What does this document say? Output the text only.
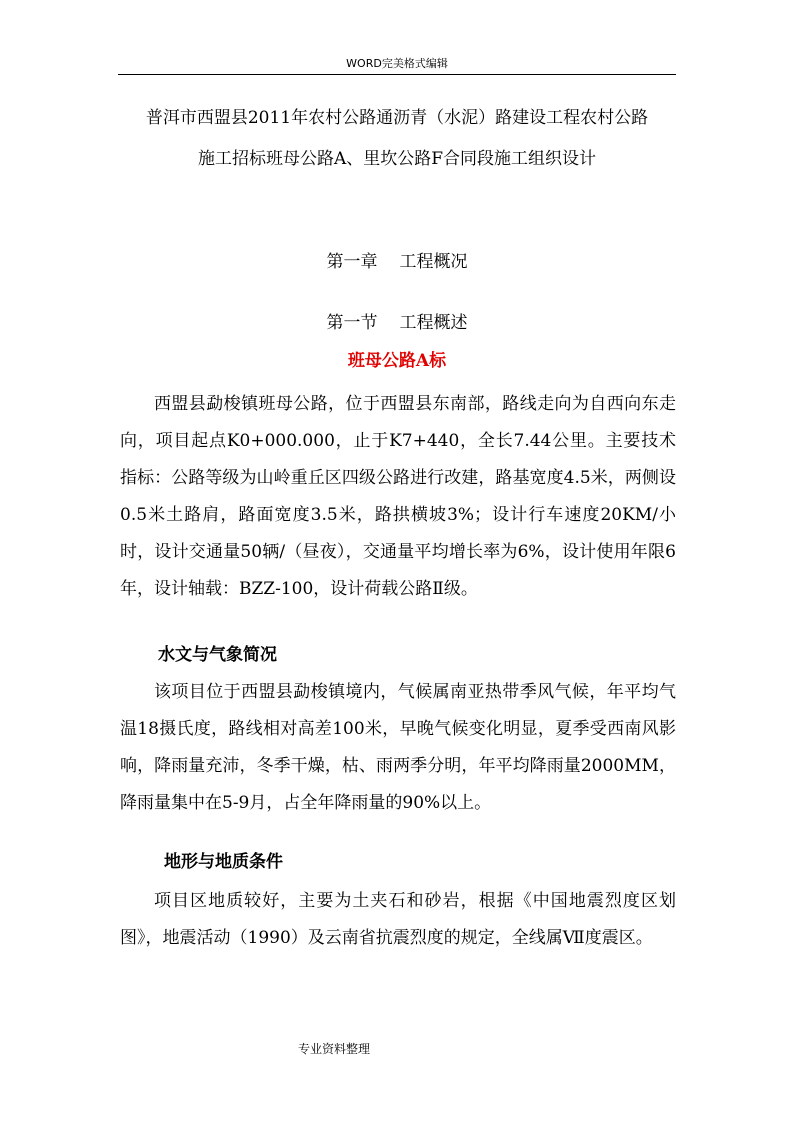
WORD完美格式编辑
普洱市西盟县2011年农村公路通沥青（水泥）路建设工程农村公路
施工招标班母公路A、里坎公路F合同段施工组织设计
第一章 工程概况
第一节 工程概述
班母公路A标

西盟县勐梭镇班母公路，位于西盟县东南部，路线走向为自西向东走向，项目起点K0+000.000，止于K7+440，全长7.44公里。主要技术指标：公路等级为山岭重丘区四级公路进行改建，路基宽度4.5米，两侧设0.5米土路肩，路面宽度3.5米，路拱横坡3%；设计行车速度20KM/小时，设计交通量50辆/（昼夜），交通量平均增长率为6%，设计使用年限6年，设计轴载：BZZ-100，设计荷载公路Ⅱ级。

水文与气象简况

该项目位于西盟县勐梭镇境内，气候属南亚热带季风气候，年平均气温18摄氏度，路线相对高差100米，早晚气候变化明显，夏季受西南风影响，降雨量充沛，冬季干燥，枯、雨两季分明，年平均降雨量2000MM，降雨量集中在5-9月，占全年降雨量的90%以上。

地形与地质条件

项目区地质较好，主要为土夹石和砂岩，根据《中国地震烈度区划图》，地震活动（1990）及云南省抗震烈度的规定，全线属Ⅶ度震区。

专业资料整理
